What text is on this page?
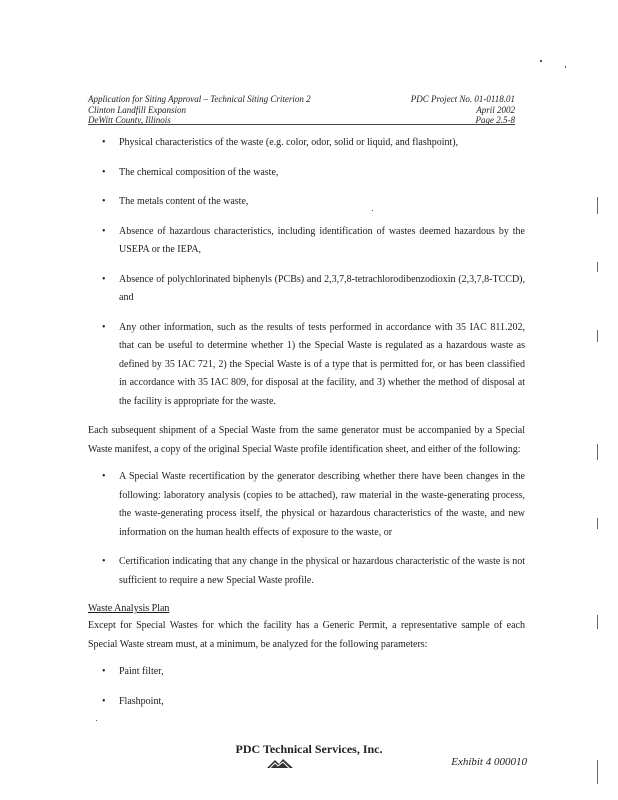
Application for Siting Approval – Technical Siting Criterion 2
Clinton Landfill Expansion
DeWitt County, Illinois
PDC Project No. 01-0118.01
April 2002
Page 2.5-8
• Physical characteristics of the waste (e.g. color, odor, solid or liquid, and flashpoint),
• The chemical composition of the waste,
• The metals content of the waste,
• Absence of hazardous characteristics, including identification of wastes deemed hazardous by the USEPA or the IEPA,
• Absence of polychlorinated biphenyls (PCBs) and 2,3,7,8-tetrachlorodibenzodioxin (2,3,7,8-TCCD), and
• Any other information, such as the results of tests performed in accordance with 35 IAC 811.202, that can be useful to determine whether 1) the Special Waste is regulated as a hazardous waste as defined by 35 IAC 721, 2) the Special Waste is of a type that is permitted for, or has been classified in accordance with 35 IAC 809, for disposal at the facility, and 3) whether the method of disposal at the facility is appropriate for the waste.
Each subsequent shipment of a Special Waste from the same generator must be accompanied by a Special Waste manifest, a copy of the original Special Waste profile identification sheet, and either of the following:
• A Special Waste recertification by the generator describing whether there have been changes in the following: laboratory analysis (copies to be attached), raw material in the waste-generating process, the waste-generating process itself, the physical or hazardous characteristics of the waste, and new information on the human health effects of exposure to the waste, or
• Certification indicating that any change in the physical or hazardous characteristic of the waste is not sufficient to require a new Special Waste profile.
Waste Analysis Plan
Except for Special Wastes for which the facility has a Generic Permit, a representative sample of each Special Waste stream must, at a minimum, be analyzed for the following parameters:
• Paint filter,
• Flashpoint,
PDC Technical Services, Inc.
Exhibit 4 000010
